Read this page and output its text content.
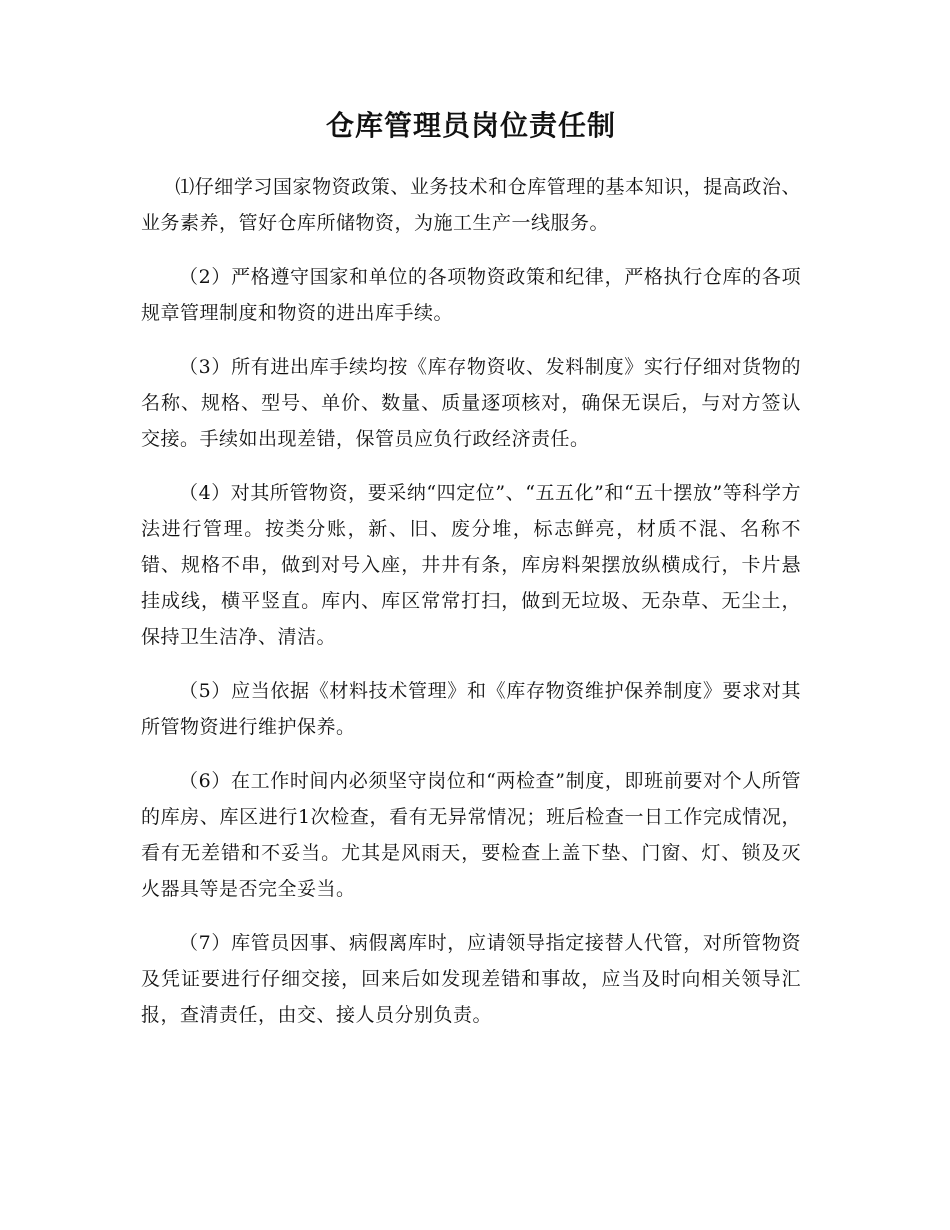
仓库管理员岗位责任制

⑴仔细学习国家物资政策、业务技术和仓库管理的基本知识，提高政治、业务素养，管好仓库所储物资，为施工生产一线服务。

（2）严格遵守国家和单位的各项物资政策和纪律，严格执行仓库的各项规章管理制度和物资的进出库手续。

（3）所有进出库手续均按《库存物资收、发料制度》实行仔细对货物的名称、规格、型号、单价、数量、质量逐项核对，确保无误后，与对方签认交接。手续如出现差错，保管员应负行政经济责任。

（4）对其所管物资，要采纳“四定位”、“五五化”和“五十摆放”等科学方法进行管理。按类分账，新、旧、废分堆，标志鲜亮，材质不混、名称不错、规格不串，做到对号入座，井井有条，库房料架摆放纵横成行，卡片悬挂成线，横平竖直。库内、库区常常打扫，做到无垃圾、无杂草、无尘土，保持卫生洁净、清洁。

（5）应当依据《材料技术管理》和《库存物资维护保养制度》要求对其所管物资进行维护保养。

（6）在工作时间内必须坚守岗位和“两检查”制度，即班前要对个人所管的库房、库区进行1次检查，看有无异常情况；班后检查一日工作完成情况，看有无差错和不妥当。尤其是风雨天，要检查上盖下垫、门窗、灯、锁及灭火器具等是否完全妥当。

（7）库管员因事、病假离库时，应请领导指定接替人代管，对所管物资及凭证要进行仔细交接，回来后如发现差错和事故，应当及时向相关领导汇报，查清责任，由交、接人员分别负责。
